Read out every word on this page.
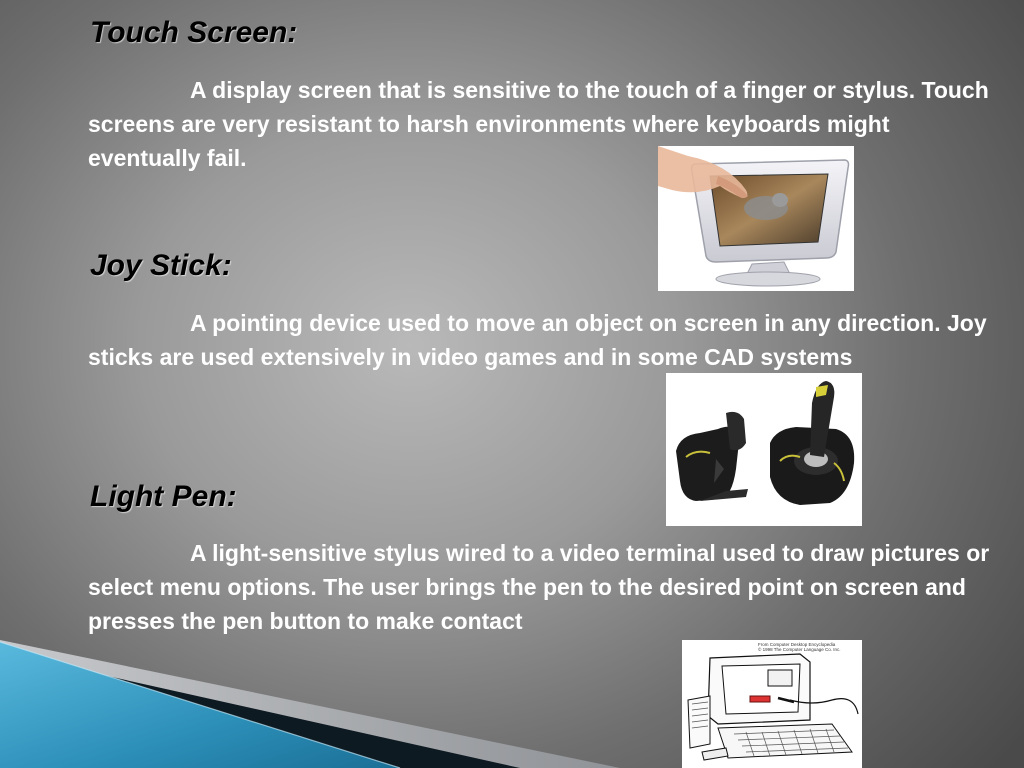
Touch Screen:

A display screen that is sensitive to the touch of a finger or stylus. Touch screens are very resistant to harsh environments where keyboards might eventually fail.

Joy Stick:

A pointing device used to move an object on screen in any direction. Joy sticks are used extensively in video games and in some CAD systems

Light Pen:

A light-sensitive stylus wired to a video terminal used to draw pictures or select menu options. The user brings the pen to the desired point on screen and presses the pen button to make contact

From Computer Desktop Encyclopedia
© 1998 The Computer Language Co. Inc.
